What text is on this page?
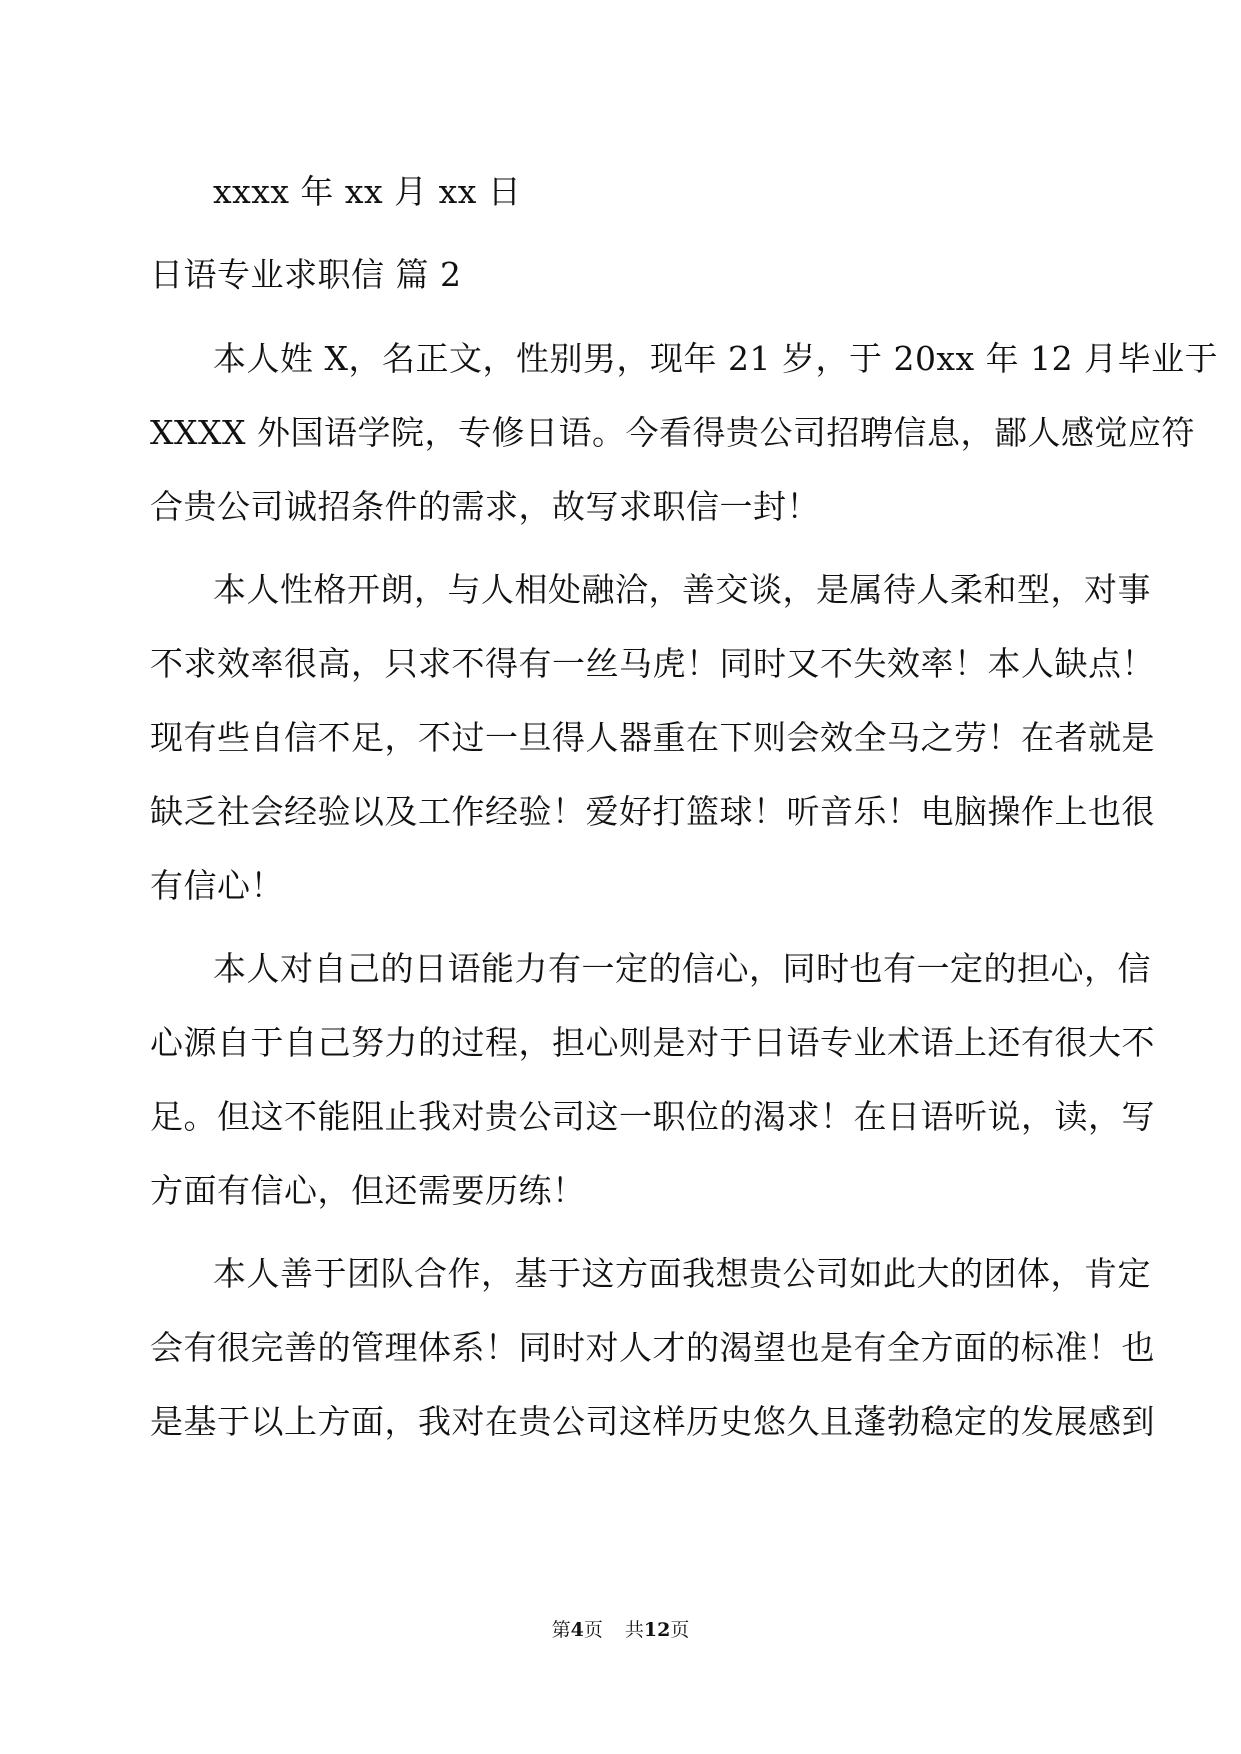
xxxx 年 xx 月 xx 日
日语专业求职信 篇 2
本人姓 X，名正文，性别男，现年 21 岁，于 20xx 年 12 月毕业于
XXXX 外国语学院，专修日语。今看得贵公司招聘信息，鄙人感觉应符
合贵公司诚招条件的需求，故写求职信一封！
本人性格开朗，与人相处融洽，善交谈，是属待人柔和型，对事
不求效率很高，只求不得有一丝马虎！同时又不失效率！本人缺点！
现有些自信不足，不过一旦得人器重在下则会效全马之劳！在者就是
缺乏社会经验以及工作经验！爱好打篮球！听音乐！电脑操作上也很
有信心！
本人对自己的日语能力有一定的信心，同时也有一定的担心，信
心源自于自己努力的过程，担心则是对于日语专业术语上还有很大不
足。但这不能阻止我对贵公司这一职位的渴求！在日语听说，读，写
方面有信心，但还需要历练！
本人善于团队合作，基于这方面我想贵公司如此大的团体，肯定
会有很完善的管理体系！同时对人才的渴望也是有全方面的标准！也
是基于以上方面，我对在贵公司这样历史悠久且蓬勃稳定的发展感到
第4页 共12页
